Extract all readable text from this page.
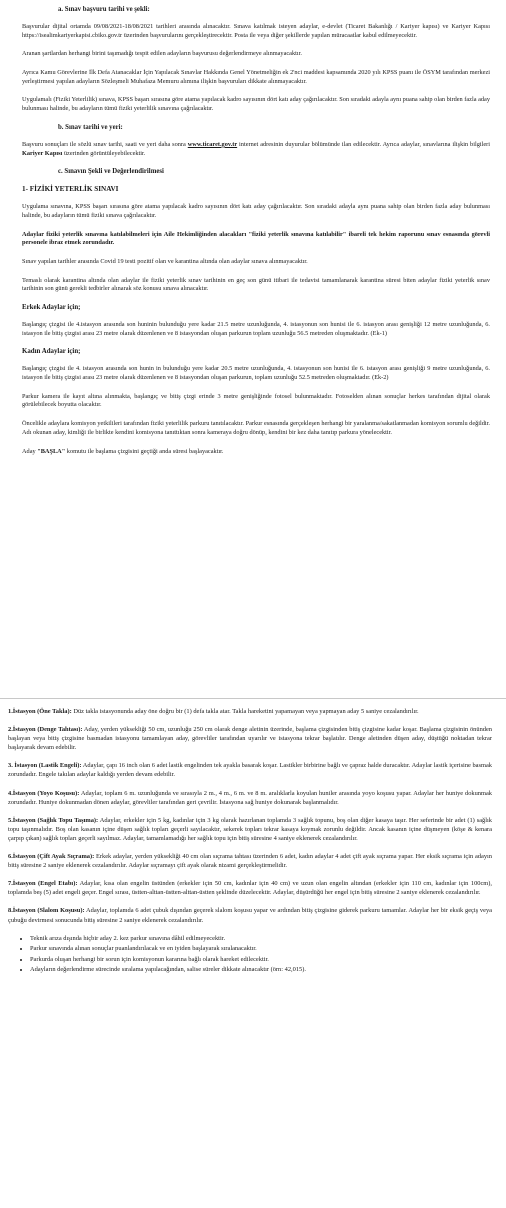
a. Sınav başvuru tarihi ve şekli:

Başvurular dijital ortamda 09/08/2021-18/08/2021 tarihleri arasında alınacaktır. Sınava katılmak isteyen adaylar, e-devlet (Ticaret Bakanlığı / Kariyer kapısı) ve Kariyer Kapısı https://isealimkariyerkapisi.cbiko.gov.tr üzerinden başvurularını gerçekleştirecektir. Posta ile veya diğer şekillerde yapılan müracaatlar kabul edilmeyecektir.

Aranan şartlardan herhangi birini taşımadığı tespit edilen adayların başvurusu değerlendirmeye alınmayacaktır.

Ayrıca Kamu Görevlerine İlk Defa Atanacaklar İçin Yapılacak Sınavlar Hakkında Genel Yönetmeliğin ek 2'nci maddesi kapsamında 2020 yılı KPSS puanı ile ÖSYM tarafından merkezi yerleştirmesi yapılan adayların Sözleşmeli Muhafaza Memuru alımına ilişkin başvuruları dikkate alınmayacaktır.

Uygulamalı (Fiziki Yeterlilik) sınava, KPSS başarı sırasına göre atama yapılacak kadro sayısının dört katı aday çağırılacaktır. Son sıradaki adayla aynı puana sahip olan birden fazla aday bulunması halinde, bu adayların tümü fiziki yeterlilik sınavına çağrılacaktır.

b. Sınav tarihi ve yeri:

Başvuru sonuçları ile sözlü sınav tarihi, saati ve yeri daha sonra www.ticaret.gov.tr internet adresinin duyurular bölümünde ilan edilecektir. Ayrıca adaylar, sınavlarına ilişkin bilgileri Kariyer Kapısı üzerinden görüntüleyebilecektir.

c. Sınavın Şekli ve Değerlendirilmesi
1- FİZİKİ YETERLİK SINAVI

Uygulama sınavına, KPSS başarı sırasına göre atama yapılacak kadro sayısının dört katı aday çağırılacaktır. Son sıradaki adayla aynı puana sahip olan birden fazla aday bulunması halinde, bu adayların tümü fiziki sınava çağrılacaktır.

Adaylar fiziki yeterlik sınavına katılabilmeleri için Aile Hekimliğinden alacakları "fiziki yeterlik sınavına katılabilir" ibareli tek hekim raporunu sınav esnasında görevli personele ibraz etmek zorundadır.

Sınav yapılan tarihler arasında Covid 19 testi pozitif olan ve karantina altında olan adaylar sınava alınmayacaktır.

Temaslı olarak karantina altında olan adaylar ile fiziki yeterlik sınav tarihinin en geç son günü itibari ile tedavisi tamamlanarak karantina süresi biten adaylar fiziki yeterlik sınav tarihinin son günü gerekli tedbirler alınarak söz konusu sınava alınacaktır.

Erkek Adaylar için;

Başlangıç çizgisi ile 4.istasyon arasında son huninin bulunduğu yere kadar 21.5 metre uzunluğunda, 4. istasyonun son hunisi ile 6. istasyon arası genişliği 12 metre uzunluğunda, 6. istasyon ile bitiş çizgisi arası 23 metre olarak düzenlenen ve 8 istasyondan oluşan parkurun toplam uzunluğu 56.5 metreden oluşmaktadır. (Ek-1)

Kadın Adaylar için;

Başlangıç çizgisi ile 4. istasyon arasında son hunin in bulunduğu yere kadar 20.5 metre uzunluğunda, 4. istasyonun son hunisi ile 6. istasyon arası genişliği 9 metre uzunluğunda, 6. istasyon ile bitiş çizgisi arası 23 metre olarak düzenlenen ve 8 istasyondan oluşan parkurun, toplam uzunluğu 52.5 metreden oluşmaktadır. (Ek-2)

Parkur kamera ile kayıt altına alınmakta, başlangıç ve bitiş çizgi erinde 3 metre genişliğinde fotosel bulunmaktadır. Fotoselden alınan sonuçlar herkes tarafından dijital olarak görülebilecek boyutta olacaktır.

Öncelikle adaylara komisyon yetkilileri tarafından fiziki yeterlilik parkuru tanıtılacaktır. Parkur esnasında gerçekleşen herhangi bir yaralanma/sakatlanmadan komisyon sorumlu değildir. Adı okunan aday, kimliği ile birlikte kendini komisyona tanıttıktan sonra kameraya doğru dönüp, kendini bir kez daha tanıtıp parkura yönelecektir.

Aday "BAŞLA" komutu ile başlama çizgisini geçtiği anda süresi başlayacaktır.

1.İstasyon (Öne Takla): Düz takla istasyonunda aday öne doğru bir (1) defa takla atar. Takla hareketini yapamayan veya yapmayan aday 5 saniye cezalandırılır.

2.İstasyon (Denge Tahtası): Aday, yerden yüksekliği 50 cm, uzunluğu 250 cm olarak denge aletinin üzerinde, başlama çizgisinden bitiş çizgisine kadar koşar. Başlama çizgisinin önünden başlayan veya bitiş çizgisine basmadan istasyonu tamamlayan aday, görevliler tarafından uyarılır ve istasyona tekrar başlatılır. Denge aletinden düşen aday, düştüğü noktadan tekrar başlayarak devam edebilir.

3. İstasyon (Lastik Engeli): Adaylar, çapı 16 inch olan 6 adet lastik engelinden tek ayakla basarak koşar. Lastikler birbirine bağlı ve çapraz halde duracaktır. Adaylar lastik içerisine basmak zorundadır. Engele takılan adaylar kaldığı yerden devam edebilir.

4.İstasyon (Yoyo Koşusu): Adaylar, toplam 6 m. uzunluğunda ve sırasıyla 2 m., 4 m., 6 m. ve 8 m. aralıklarla koyulan huniler arasında yoyo koşusu yapar. Adaylar her huniye dokunmak zorundadır. Huniye dokunmadan dönen adaylar, görevliler tarafından geri çevrilir. İstasyona sağ huniye dokunarak başlanmalıdır.

5.İstasyon (Sağlık Topu Taşıma): Adaylar, erkekler için 5 kg, kadınlar için 3 kg olarak hazırlanan toplamda 3 sağlık topunu, boş olan diğer kasaya taşır. Her seferinde bir adet (1) sağlık topu taşınmalıdır. Boş olan kasanın içine düşen sağlık topları geçerli sayılacaktır, sekerek topları tekrar kasaya koymak zorunlu değildir. Ancak kasanın içine düşmeyen (köşe & kenara çarpıp çıkan) sağlık topları geçerli sayılmaz. Adaylar, tamamlamadığı her sağlık topu için bitiş süresine 4 saniye eklenerek cezalandırılır.

6.İstasyon (Çift Ayak Sıçrama): Erkek adaylar, yerden yüksekliği 40 cm olan sıçrama tahtası üzerinden 6 adet, kadın adaylar 4 adet çift ayak sıçrama yapar. Her eksik sıçrama için adayın bitiş süresine 2 saniye eklenerek cezalandırılır. Adaylar sıçramayı çift ayak olarak nizami gerçekleştirmelidir.

7.İstasyon (Engel Etabı): Adaylar, kısa olan engelin üstünden (erkekler için 50 cm, kadınlar için 40 cm) ve uzun olan engelin altından (erkekler için 110 cm, kadınlar için 100cm), toplamda beş (5) adet engeli geçer. Engel sırası, üstten-alttan-üstten-alttan-üstten şeklinde düzelecektir. Adaylar, düşürdüğü her engel için bitiş süresine 2 saniye eklenerek cezalandırılır.

8.İstasyon (Slalom Koşusu): Adaylar, toplamda 6 adet çubuk dışından geçerek slalom koşusu yapar ve ardından bitiş çizgisine giderek parkuru tamamlar. Adaylar her bir eksik geçiş veya çubuğu devirmesi sonucunda bitiş süresine 2 saniye eklenerek cezalandırılır.

• Teknik arıza dışında hiçbir aday 2. kez parkur sınavına dâhil edilmeyecektir.
• Parkur sınavında alınan sonuçlar puanlandırılacak ve en iyiden başlayarak sıralanacaktır.
• Parkurda oluşan herhangi bir sorun için komisyonun kararına bağlı olarak hareket edilecektir.
• Adayların değerlendirme sürecinde sıralama yapılacağından, salise süreler dikkate alınacaktır (örn: 42,015).
